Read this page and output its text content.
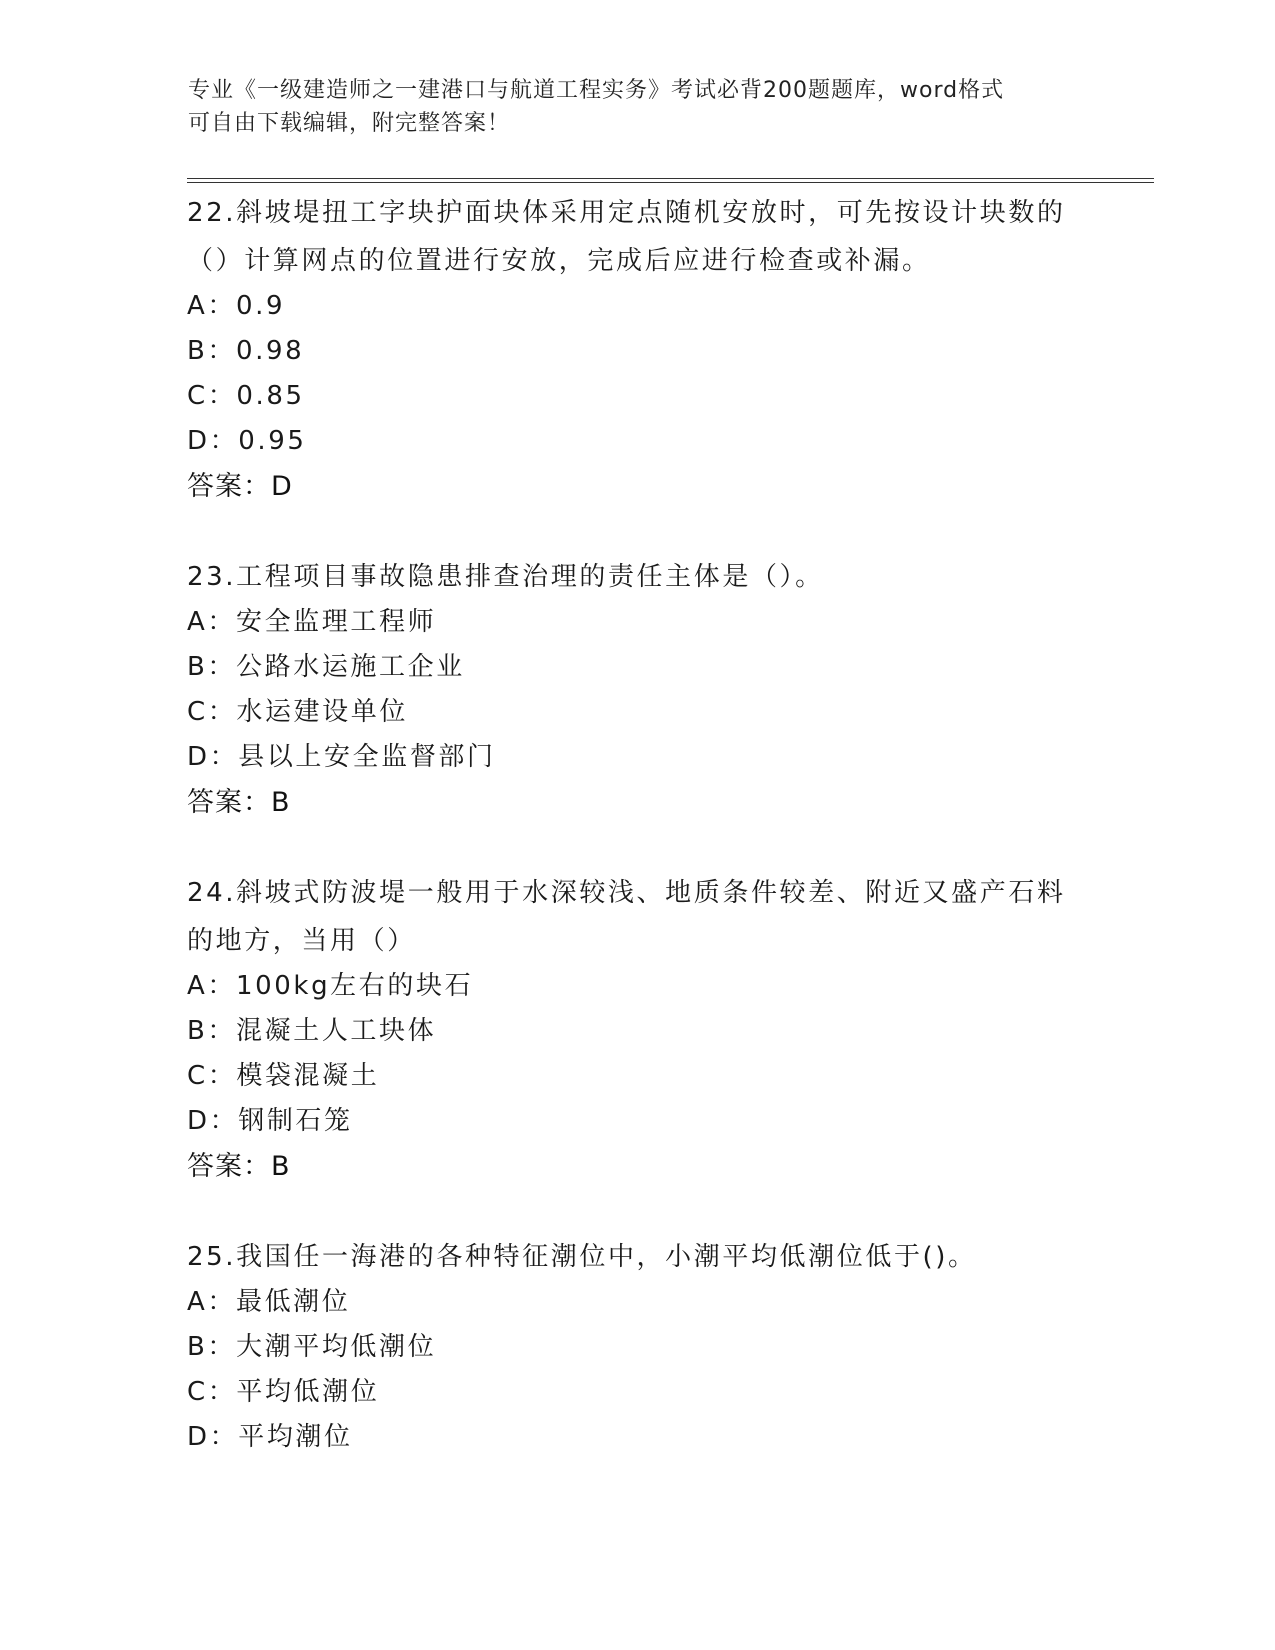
专业《一级建造师之一建港口与航道工程实务》考试必背200题题库，word格式
可自由下载编辑，附完整答案！

22.斜坡堤扭工字块护面块体采用定点随机安放时，可先按设计块数的

（）计算网点的位置进行安放，完成后应进行检查或补漏。

A：0.9

B：0.98

C：0.85

D：0.95

答案：D

23.工程项目事故隐患排查治理的责任主体是（）。

A：安全监理工程师

B：公路水运施工企业

C：水运建设单位

D：县以上安全监督部门

答案：B

24.斜坡式防波堤一般用于水深较浅、地质条件较差、附近又盛产石料

的地方，当用（）

A：100kg左右的块石

B：混凝土人工块体

C：模袋混凝土

D：钢制石笼

答案：B

25.我国任一海港的各种特征潮位中，小潮平均低潮位低于()。

A：最低潮位

B：大潮平均低潮位

C：平均低潮位

D：平均潮位
